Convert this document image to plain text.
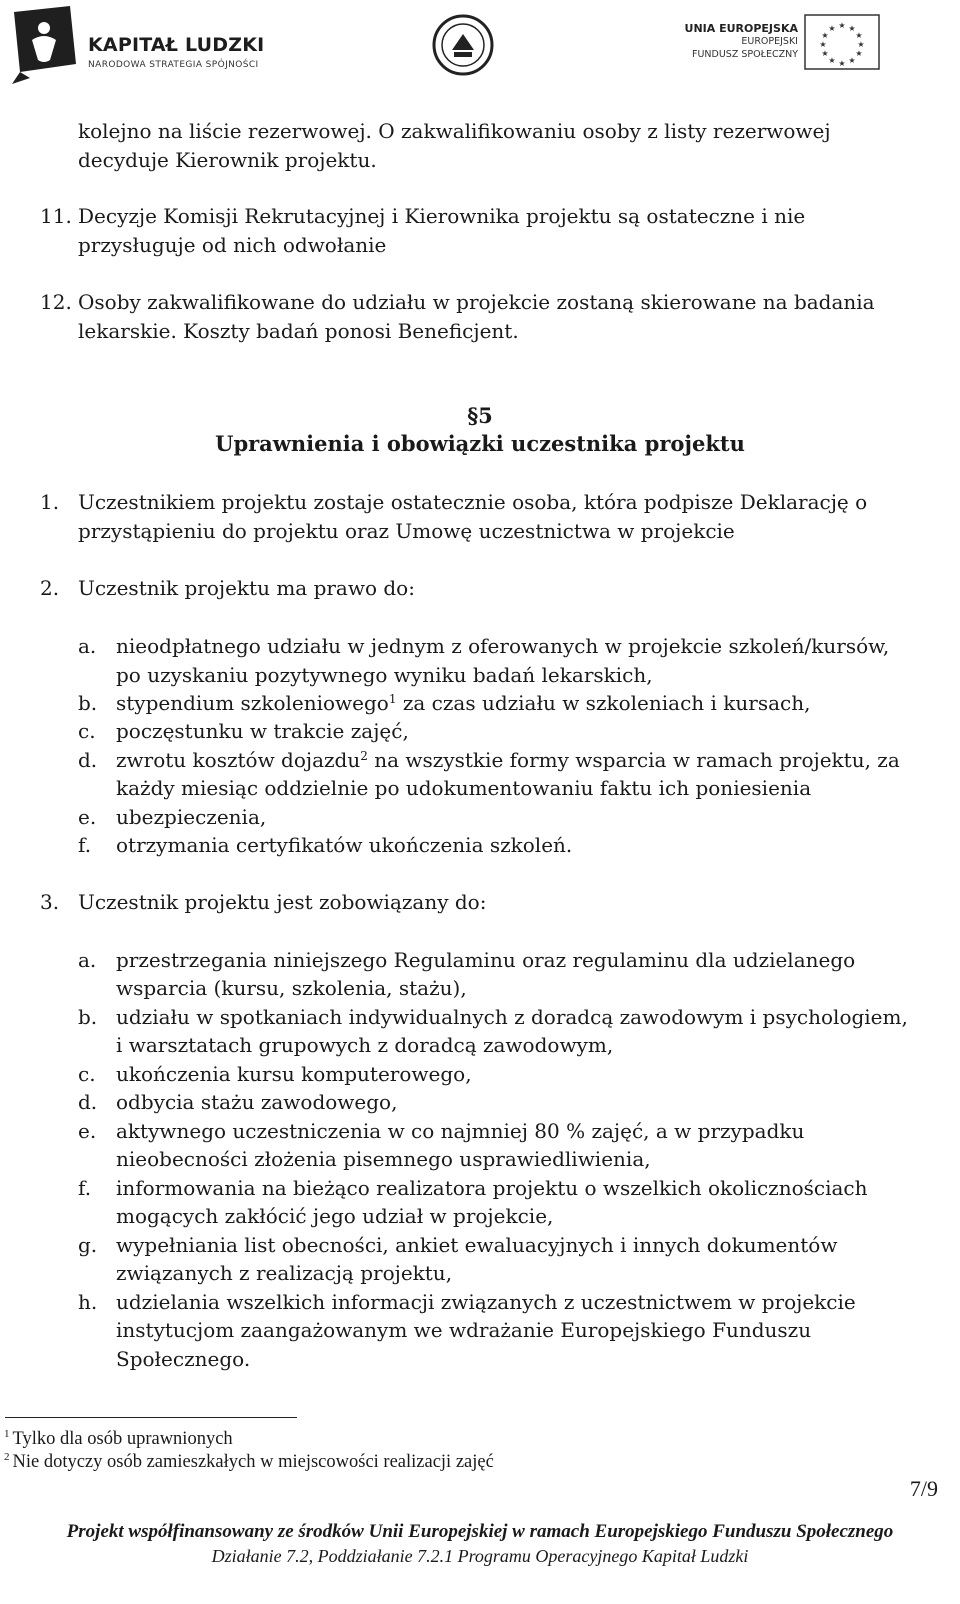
KAPITAŁ LUDZKI
NARODOWA STRATEGIA SPÓJNOŚCI
UNIA EUROPEJSKA
EUROPEJSKI
FUNDUSZ SPOŁECZNY
★ ★
★
★
★
★
★
★
★
★
★
★
kolejno na liście rezerwowej. O zakwalifikowaniu osoby z listy rezerwowej
decyduje Kierownik projektu.
11. Decyzje Komisji Rekrutacyjnej i Kierownika projektu są ostateczne i nie
przysługuje od nich odwołanie
12. Osoby zakwalifikowane do udziału w projekcie zostaną skierowane na badania
lekarskie. Koszty badań ponosi Beneficjent.
§5
Uprawnienia i obowiązki uczestnika projektu
1. Uczestnikiem projektu zostaje ostatecznie osoba, która podpisze Deklarację o
przystąpieniu do projektu oraz Umowę uczestnictwa w projekcie
2. Uczestnik projektu ma prawo do:
a. nieodpłatnego udziału w jednym z oferowanych w projekcie szkoleń/kursów,
po uzyskaniu pozytywnego wyniku badań lekarskich,
b. stypendium szkoleniowego$^1$ za czas udziału w szkoleniach i kursach,
c. poczęstunku w trakcie zajęć,
d. zwrotu kosztów dojazdu$^2$ na wszystkie formy wsparcia w ramach projektu, za
każdy miesiąc oddzielnie po udokumentowaniu faktu ich poniesienia
e. ubezpieczenia,
f. otrzymania certyfikatów ukończenia szkoleń.
3. Uczestnik projektu jest zobowiązany do:
a. przestrzegania niniejszego Regulaminu oraz regulaminu dla udzielanego
wsparcia (kursu, szkolenia, stażu),
b. udziału w spotkaniach indywidualnych z doradcą zawodowym i psychologiem,
i warsztatach grupowych z doradcą zawodowym,
c. ukończenia kursu komputerowego,
d. odbycia stażu zawodowego,
e. aktywnego uczestniczenia w co najmniej 80 % zajęć, a w przypadku
nieobecności złożenia pisemnego usprawiedliwienia,
f. informowania na bieżąco realizatora projektu o wszelkich okolicznościach
mogących zakłócić jego udział w projekcie,
g. wypełniania list obecności, ankiet ewaluacyjnych i innych dokumentów
związanych z realizacją projektu,
h. udzielania wszelkich informacji związanych z uczestnictwem w projekcie
instytucjom zaangażowanym we wdrażanie Europejskiego Funduszu
Społecznego.
$^1$ Tylko dla osób uprawnionych
$^2$ Nie dotyczy osób zamieszkałych w miejscowości realizacji zajęć
7/9
Projekt współfinansowany ze środków Unii Europejskiej w ramach Europejskiego Funduszu Społecznego
Działanie 7.2, Poddziałanie 7.2.1 Programu Operacyjnego Kapitał Ludzki
